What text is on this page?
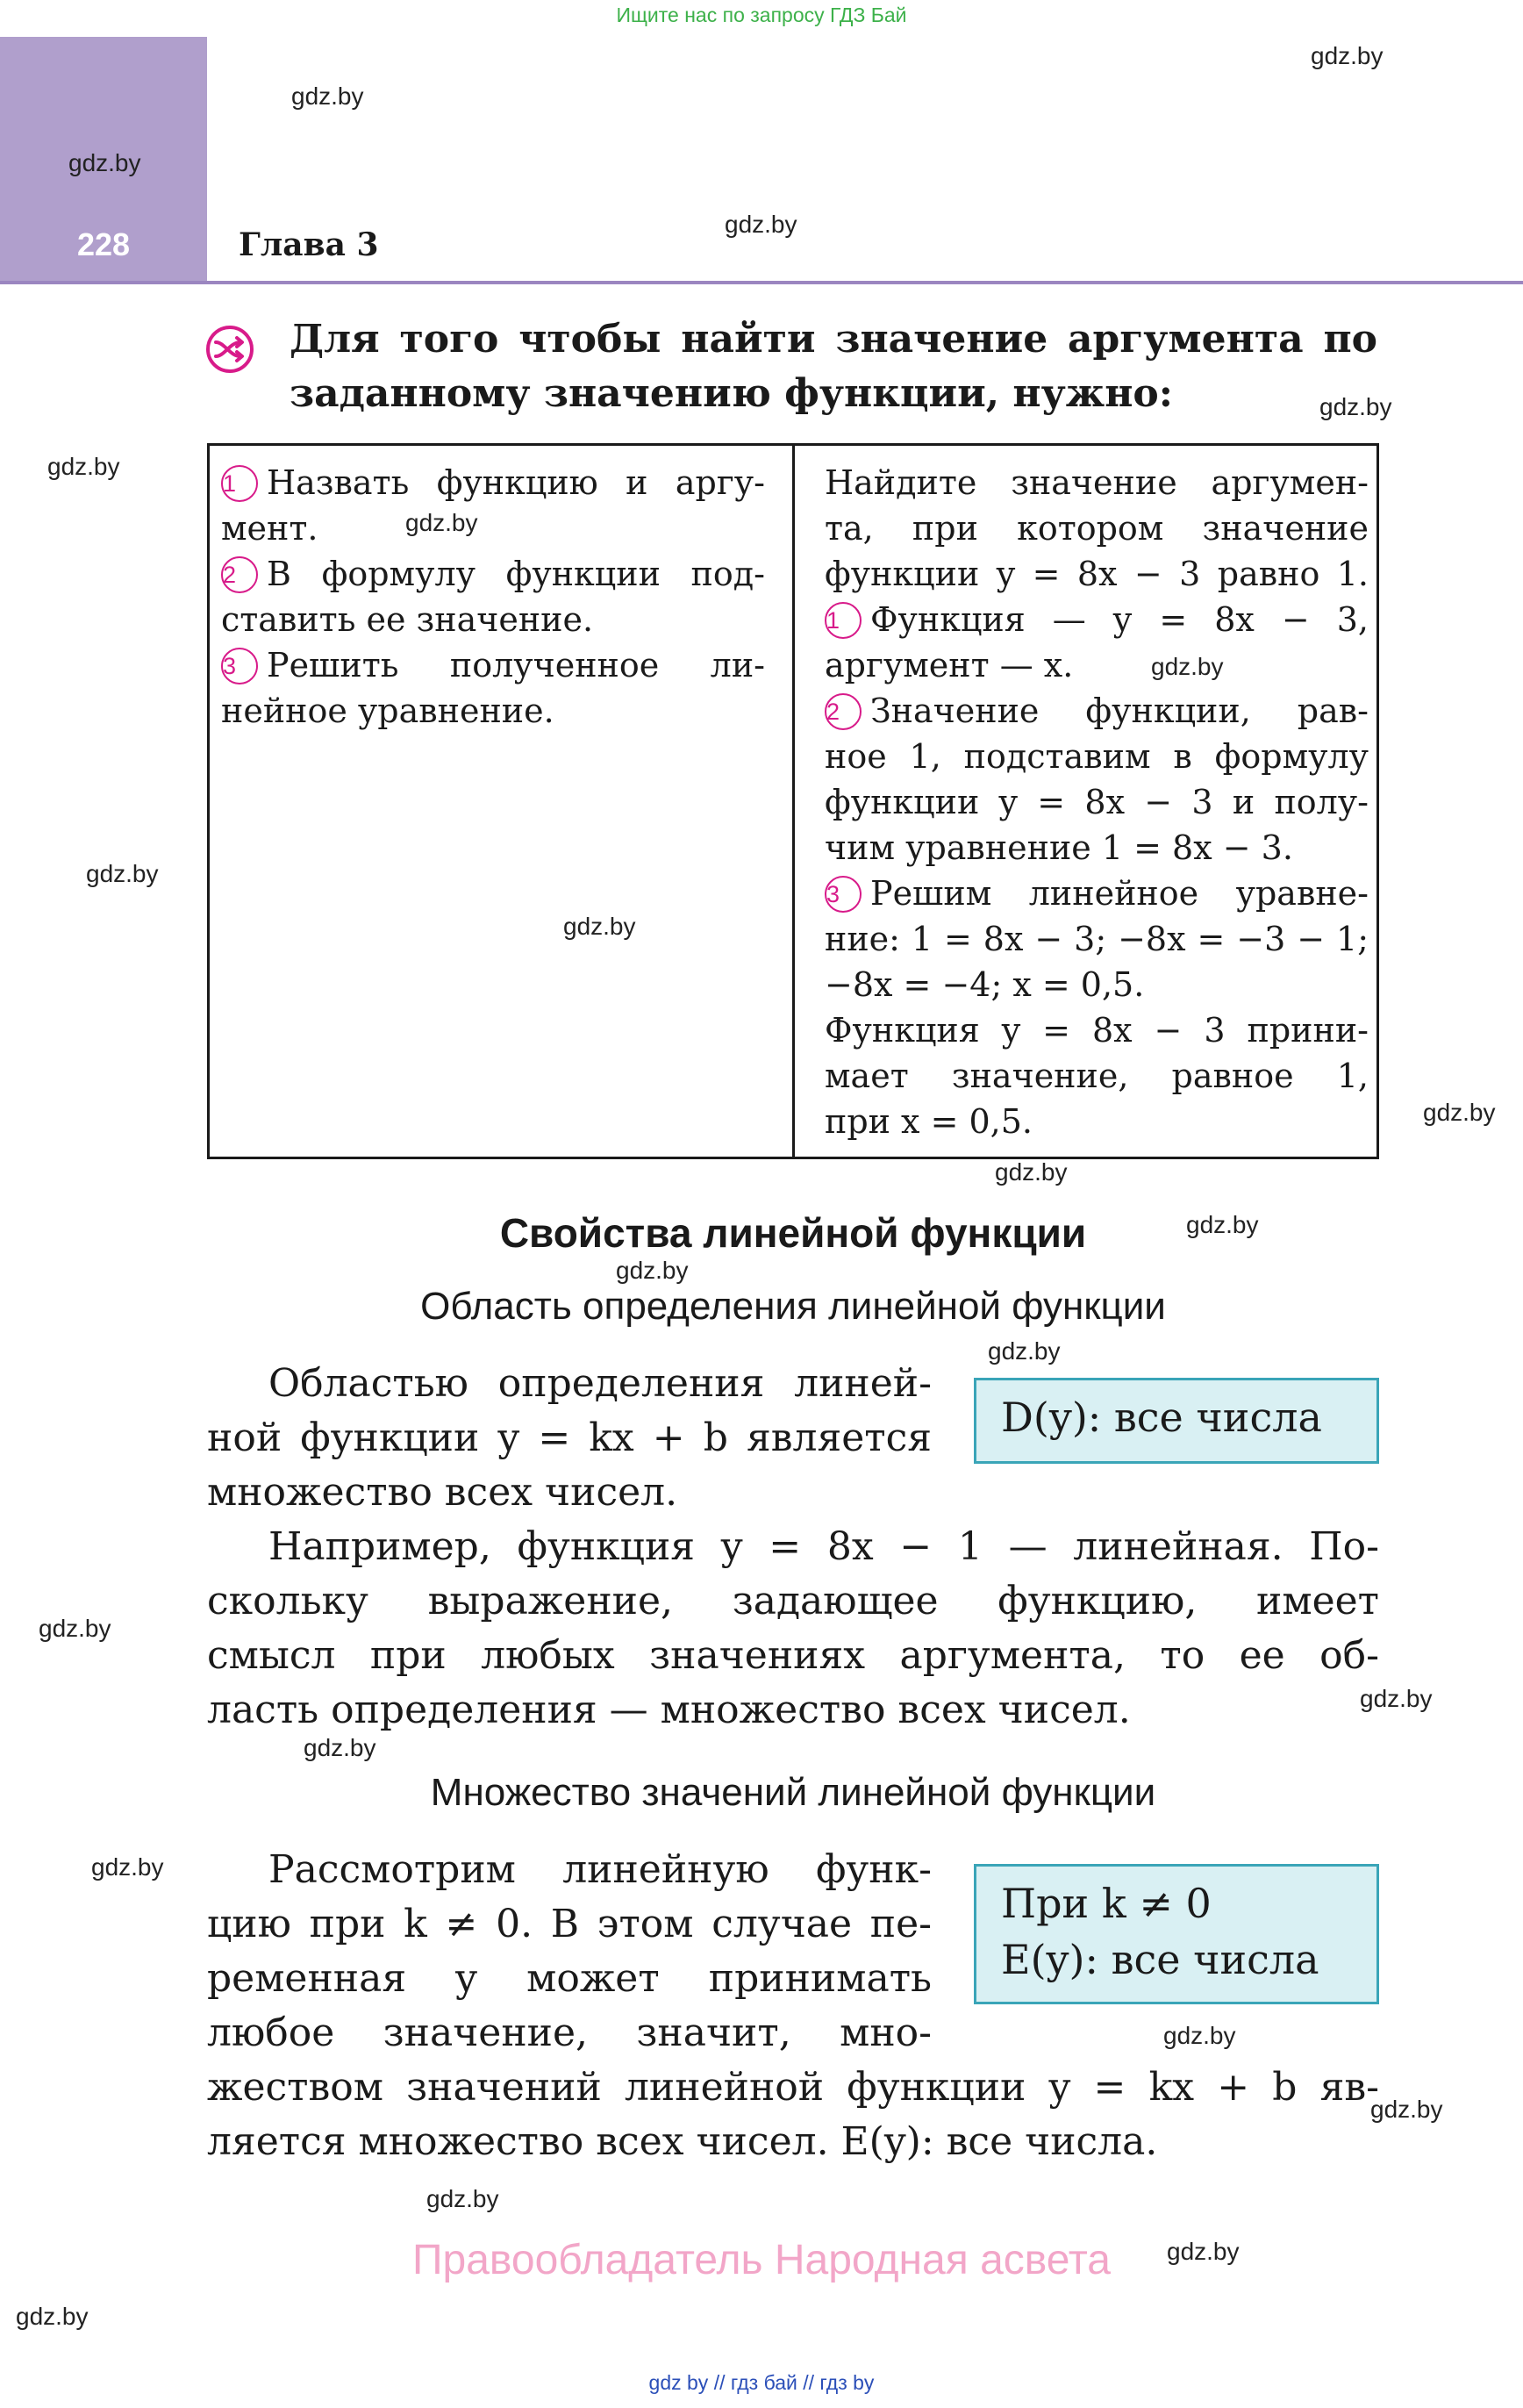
Ищите нас по запросу ГДЗ Бай
228	Глава 3
gdz.by
gdz.by
gdz.by
gdz.by
gdz.by
gdz.by
gdz.by
gdz.by
gdz.by
gdz.by
gdz.by
gdz.by
gdz.by
gdz.by
gdz.by
gdz.by
gdz.by
gdz.by
gdz.by
gdz.by
gdz.by
gdz.by
gdz.by
gdz.by
Для того чтобы найти значение аргумента по
заданному значению функции, нужно:
1 Назвать функцию и аргу-
мент.
2 В формулу функции под-
ставить ее значение.
3 Решить полученное ли-
нейное уравнение.
Найдите значение аргумен-
та, при котором значение
функции y = 8x − 3 равно 1.
1 Функция — y = 8x − 3,
аргумент — x.
2 Значение функции, рав-
ное 1, подставим в формулу
функции y = 8x − 3 и полу-
чим уравнение 1 = 8x − 3.
3 Решим линейное уравне-
ние: 1 = 8x − 3; −8x = −3 − 1;
−8x = −4; x = 0,5.
Функция y = 8x − 3 прини-
мает значение, равное 1,
при x = 0,5.
Свойства линейной функции
Область определения линейной функции
Областью определения линей-
ной функции y = kx + b является
множество всех чисел.
D(y): все числа
Например, функция y = 8x − 1 — линейная. По-
скольку выражение, задающее функцию, имеет
смысл при любых значениях аргумента, то ее об-
ласть определения — множество всех чисел.
Множество значений линейной функции
Рассмотрим линейную функ-
цию при k ≠ 0. В этом случае пе-
ременная y может принимать
любое значение, значит, мно-
жеством значений линейной функции y = kx + b яв-
ляется множество всех чисел. E(y): все числа.
При k ≠ 0
E(y): все числа
Правообладатель Народная асвета
gdz by // гдз бай // гдз by
